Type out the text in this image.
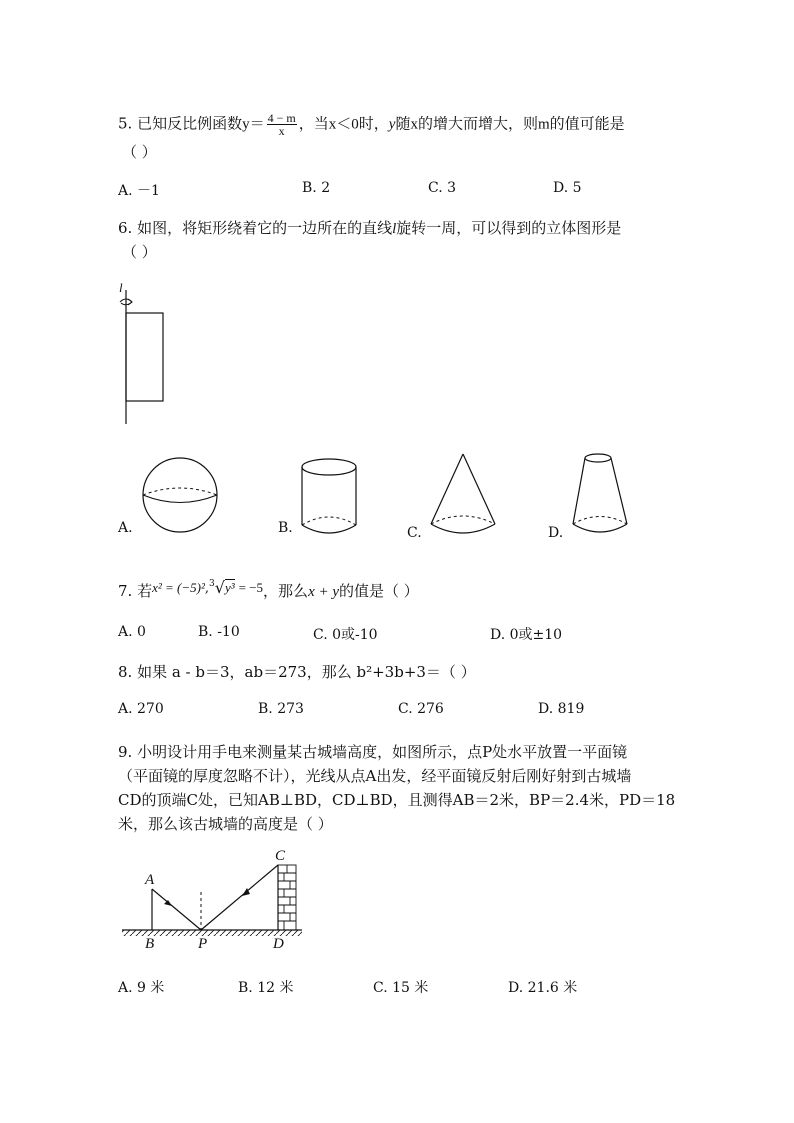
5. 已知反比例函数$y= \frac{4 - m}{x}$ ，当x＜0时，y随x的增大而增大，则m的值可能是
（ ）
A. －1	B. 2	C. 3	D. 5
6. 如图，将矩形绕着它的一边所在的直线l旋转一周，可以得到的立体图形是
（ ）
l
A.	B.	C.	D.
7. 若x² = (−5)²,$^3$√y³ = −5，那么x + y的值是（ ）
A. 0	B. -10	C. 0或-10	D. 0或±10
8. 如果 a - b＝3，ab＝273，那么 b²+3b+3＝（ ）
A. 270	B. 273	C. 276	D. 819
9. 小明设计用手电来测量某古城墙高度，如图所示，点P处水平放置一平面镜
（平面镜的厚度忽略不计），光线从点A出发，经平面镜反射后刚好射到古城墙
CD的顶端C处，已知AB⊥BD，CD⊥BD，且测得AB＝2米，BP＝2.4米，PD＝18
米，那么该古城墙的高度是（ ）
A
B	P
C
D
A. 9 米	B. 12 米	C. 15 米	D. 21.6 米
